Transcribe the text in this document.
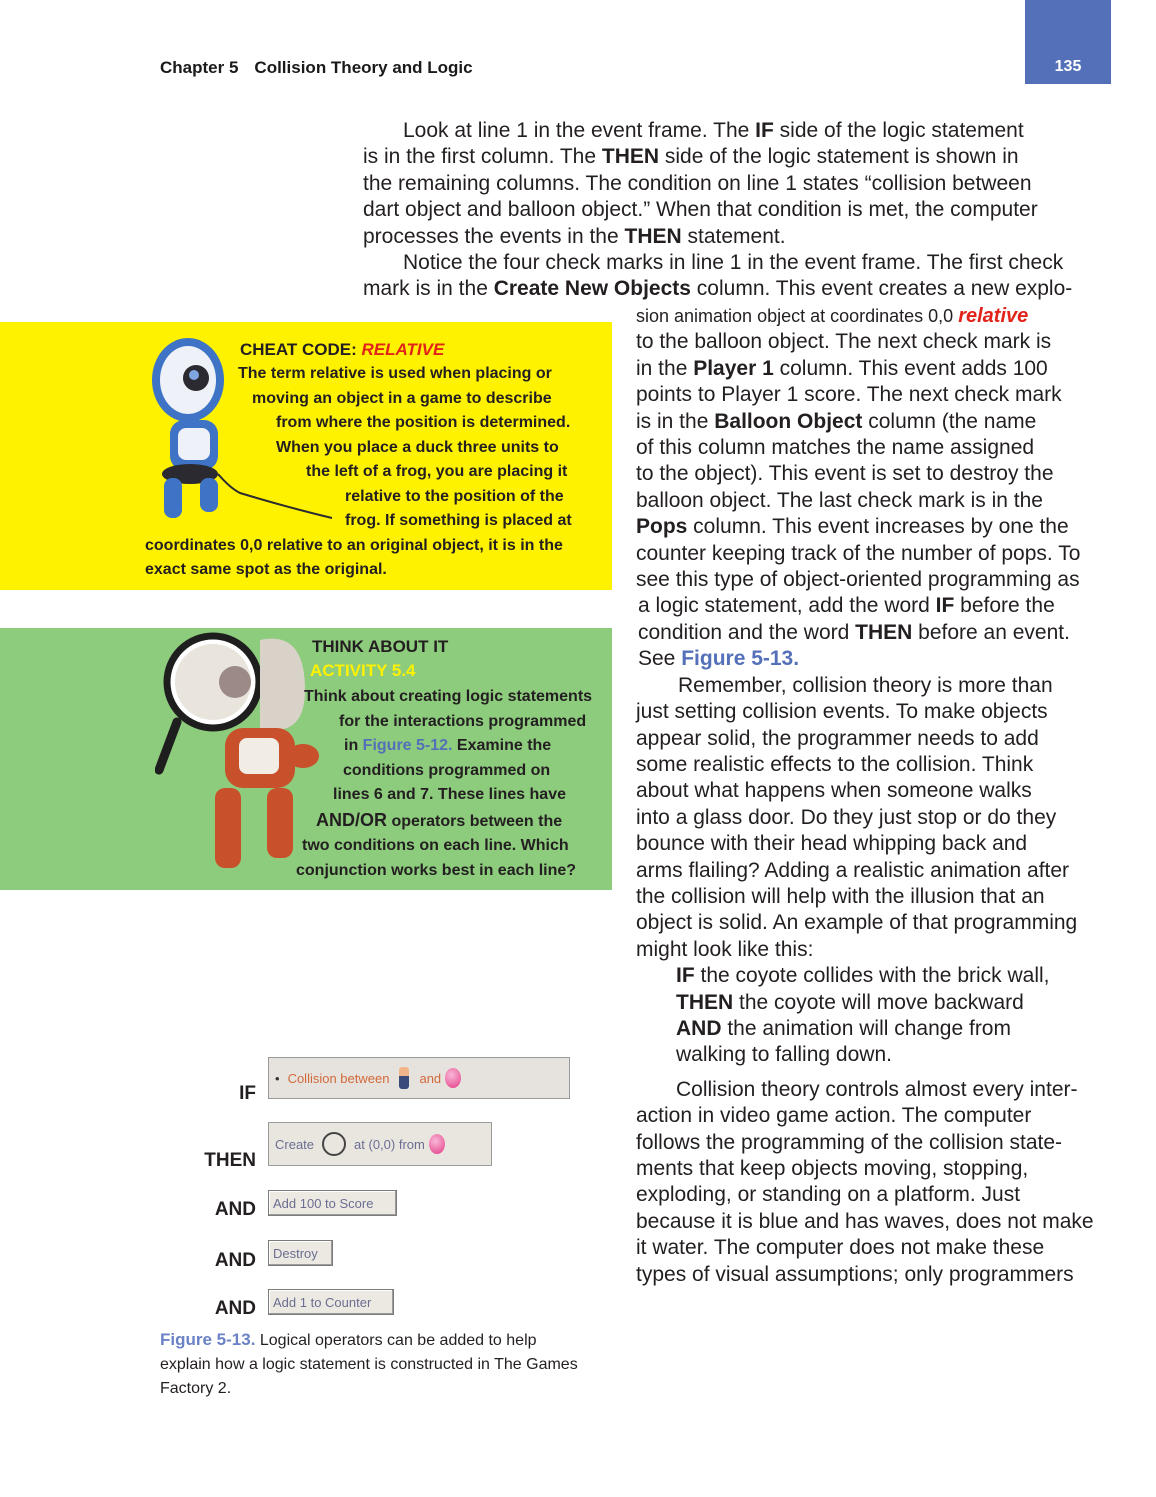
135
Chapter 5 Collision Theory and Logic
Look at line 1 in the event frame. The IF side of the logic statement
is in the first column. The THEN side of the logic statement is shown in
the remaining columns. The condition on line 1 states “collision between
dart object and balloon object.” When that condition is met, the computer
processes the events in the THEN statement.
Notice the four check marks in line 1 in the event frame. The first check
mark is in the Create New Objects column. This event creates a new explo-
sion animation object at coordinates 0,0 relative
to the balloon object. The next check mark is
in the Player 1 column. This event adds 100
points to Player 1 score. The next check mark
is in the Balloon Object column (the name
of this column matches the name assigned
to the object). This event is set to destroy the
balloon object. The last check mark is in the
Pops column. This event increases by one the
counter keeping track of the number of pops. To
see this type of object-oriented programming as
a logic statement, add the word IF before the
condition and the word THEN before an event.
See Figure 5-13.
Remember, collision theory is more than
just setting collision events. To make objects
appear solid, the programmer needs to add
some realistic effects to the collision. Think
about what happens when someone walks
into a glass door. Do they just stop or do they
bounce with their head whipping back and
arms flailing? Adding a realistic animation after
the collision will help with the illusion that an
object is solid. An example of that programming
might look like this:
IF the coyote collides with the brick wall,
THEN the coyote will move backward
AND the animation will change from
walking to falling down.
Collision theory controls almost every inter-
action in video game action. The computer
follows the programming of the collision state-
ments that keep objects moving, stopping,
exploding, or standing on a platform. Just
because it is blue and has waves, does not make
it water. The computer does not make these
types of visual assumptions; only programmers
CHEAT CODE: RELATIVE
The term relative is used when placing or
moving an object in a game to describe
from where the position is determined.
When you place a duck three units to
the left of a frog, you are placing it
relative to the position of the
frog. If something is placed at
coordinates 0,0 relative to an original object, it is in the
exact same spot as the original.
THINK ABOUT IT
ACTIVITY 5.4
Think about creating logic statements
for the interactions programmed
in Figure 5-12. Examine the
conditions programmed on
lines 6 and 7. These lines have
AND/OR operators between the
two conditions on each line. Which
conjunction works best in each line?
IF
THEN
AND
AND
AND
• Collision between and
Create	at (0,0) from
Add 100 to Score
Destroy
Add 1 to Counter
Figure 5-13. Logical operators can be added to help
explain how a logic statement is constructed in The Games
Factory 2.
